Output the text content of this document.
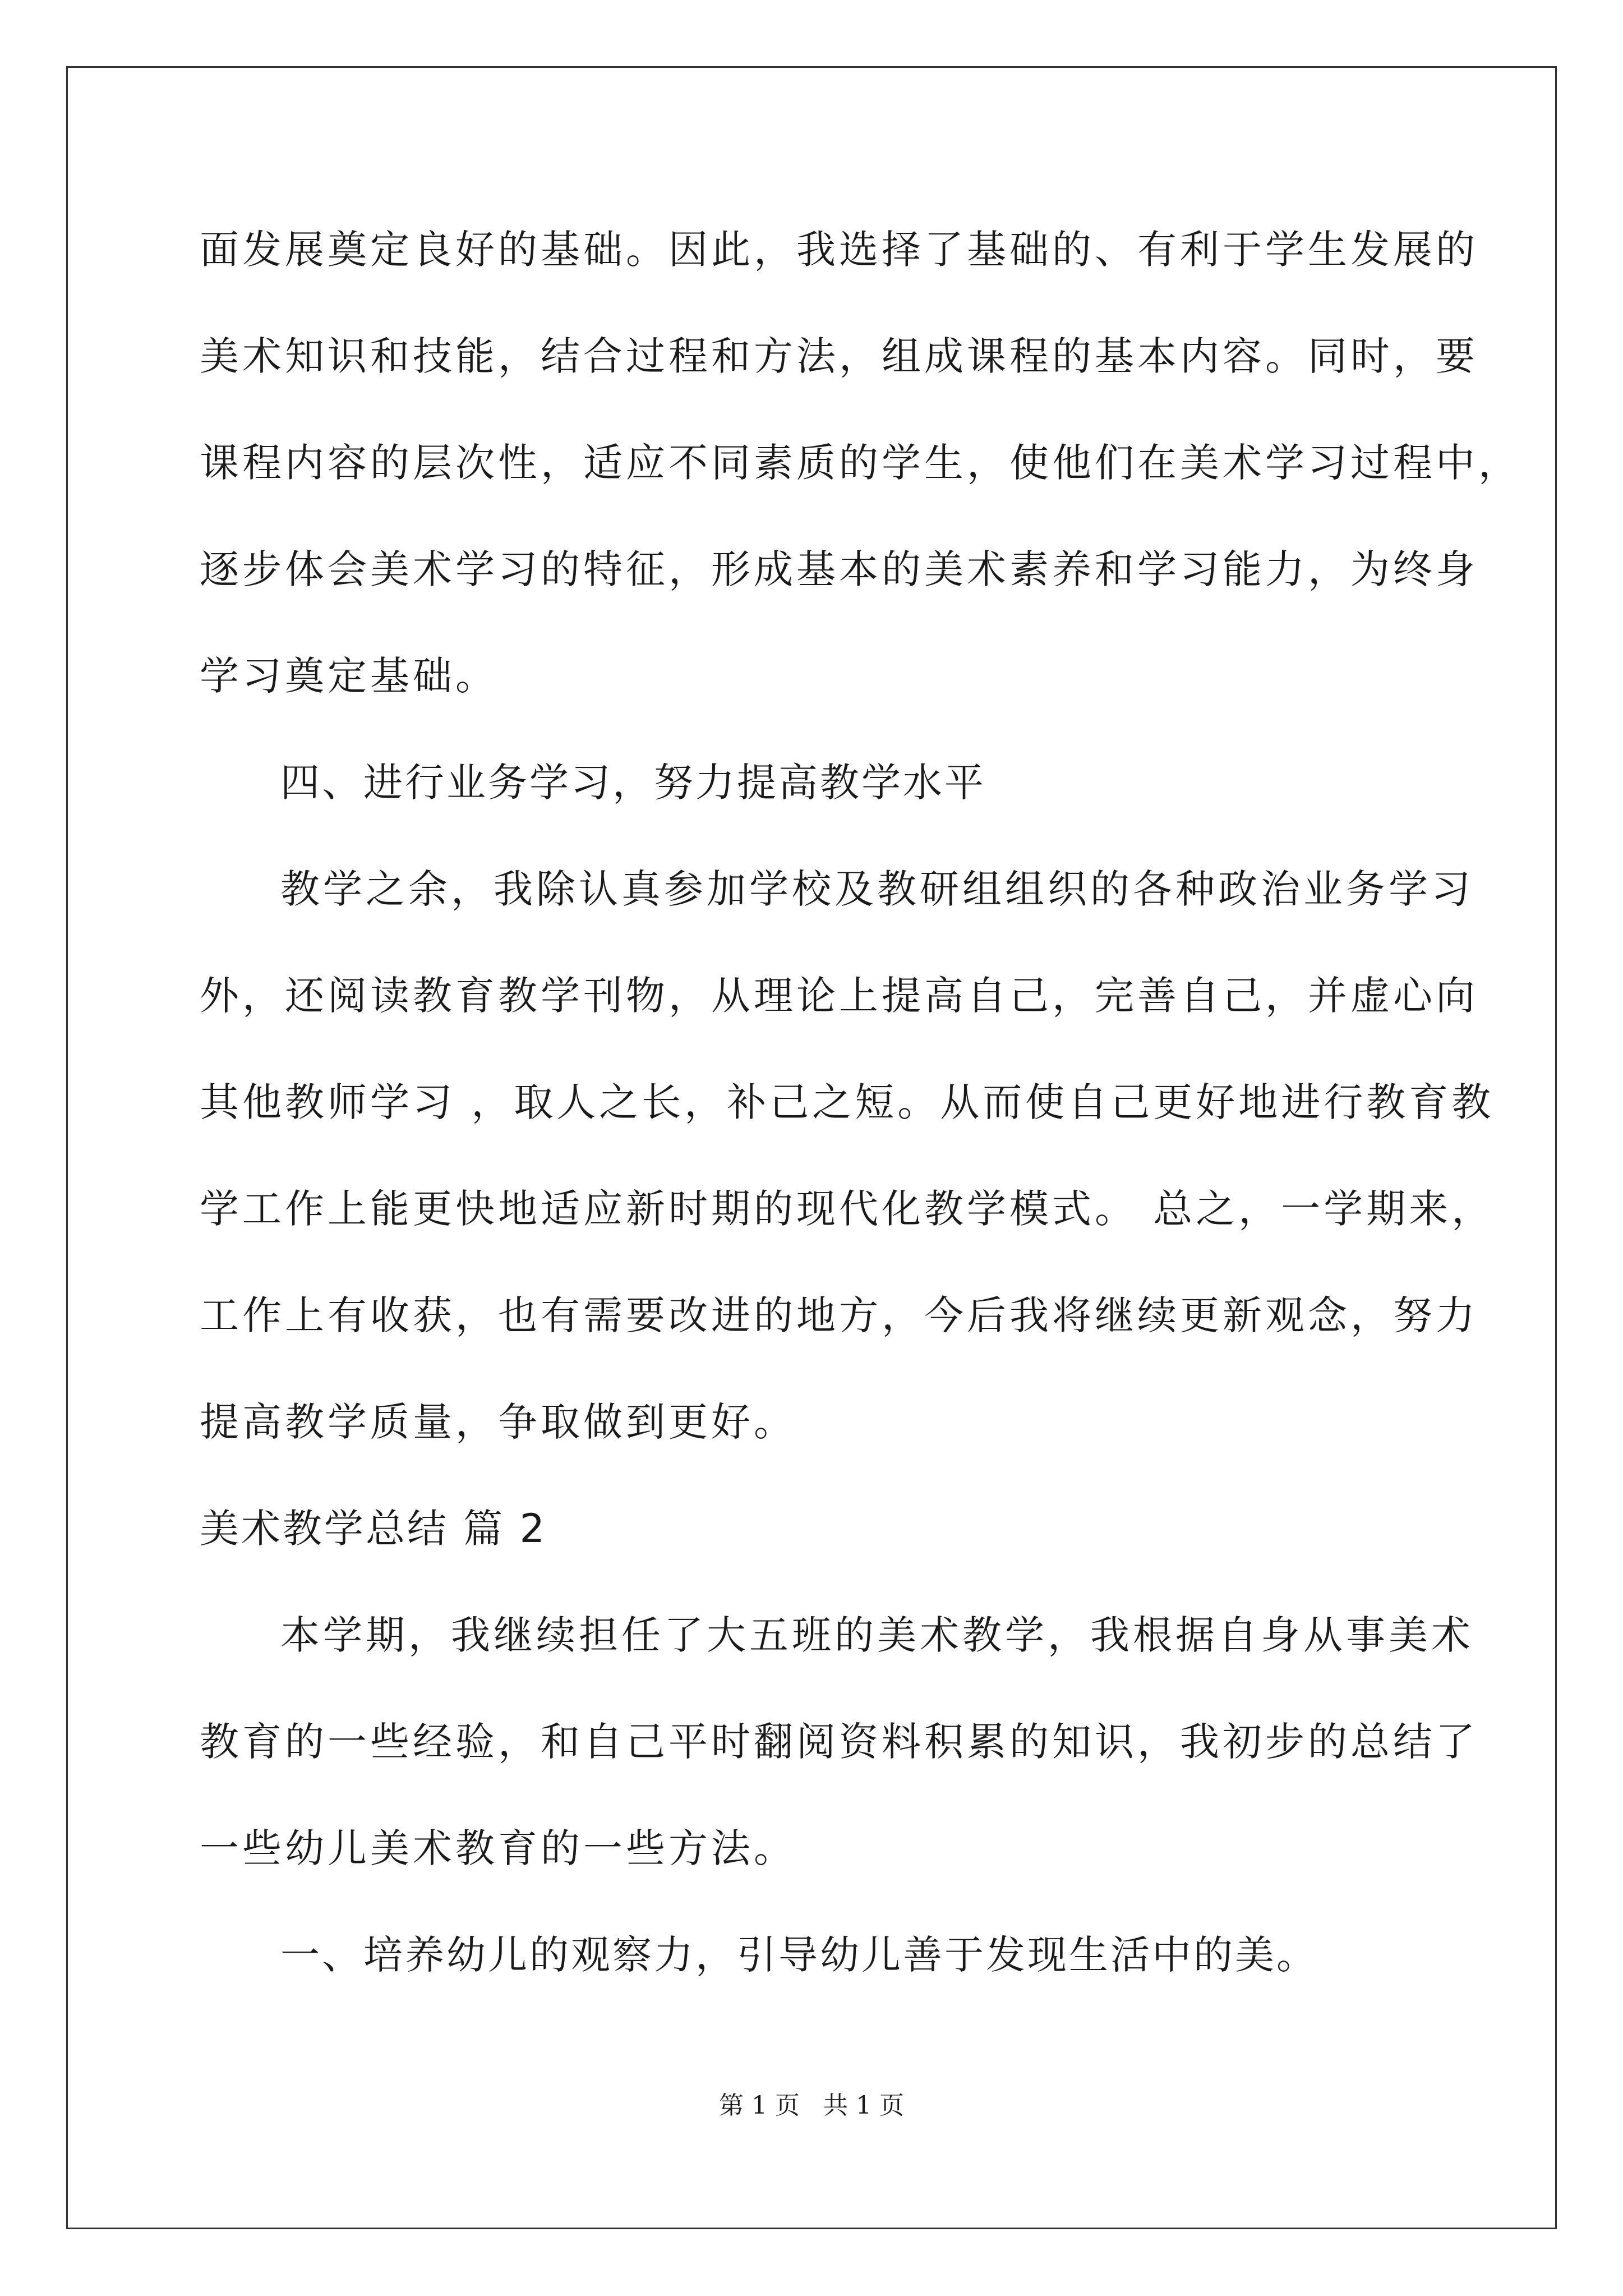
面发展奠定良好的基础。因此，我选择了基础的、有利于学生发展的
美术知识和技能，结合过程和方法，组成课程的基本内容。同时，要
课程内容的层次性，适应不同素质的学生，使他们在美术学习过程中，
逐步体会美术学习的特征，形成基本的美术素养和学习能力，为终身
学习奠定基础。
四、进行业务学习，努力提高教学水平
教学之余，我除认真参加学校及教研组组织的各种政治业务学习
外，还阅读教育教学刊物，从理论上提高自己，完善自己，并虚心向
其他教师学习 ，取人之长，补己之短。从而使自己更好地进行教育教
学工作上能更快地适应新时期的现代化教学模式。 总之，一学期来，
工作上有收获，也有需要改进的地方，今后我将继续更新观念，努力
提高教学质量，争取做到更好。
美术教学总结 篇 2
本学期，我继续担任了大五班的美术教学，我根据自身从事美术
教育的一些经验，和自己平时翻阅资料积累的知识，我初步的总结了
一些幼儿美术教育的一些方法。
一、培养幼儿的观察力，引导幼儿善于发现生活中的美。
第 1 页 共 1 页
